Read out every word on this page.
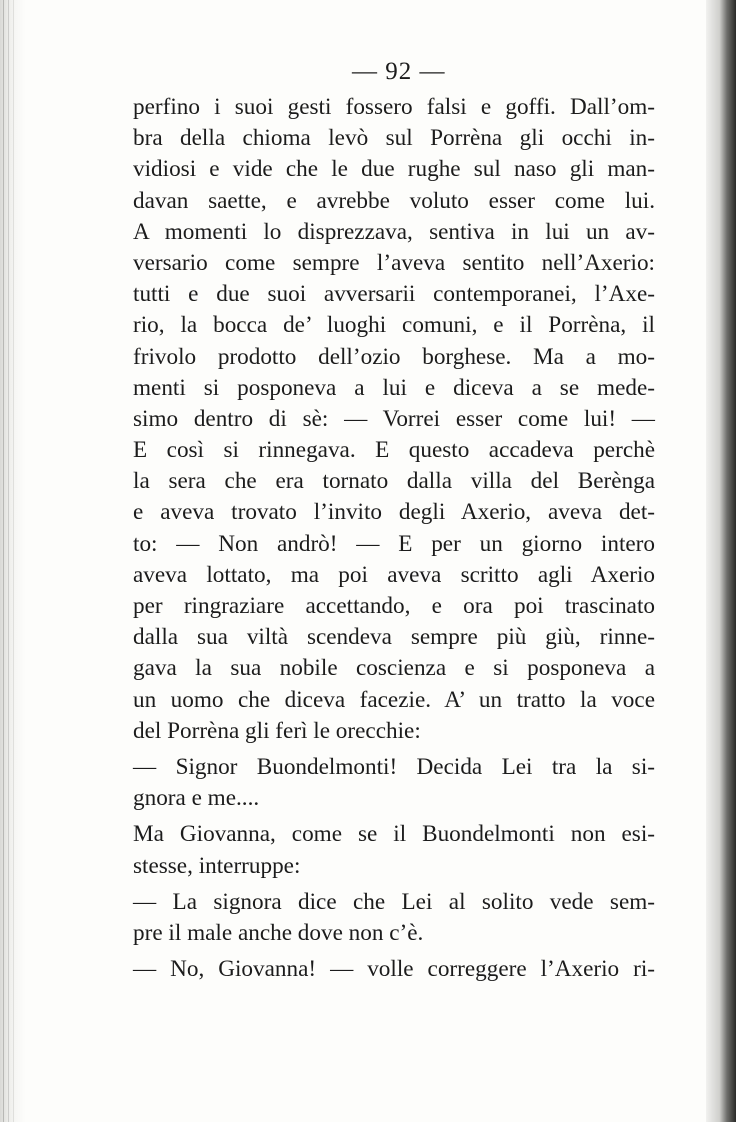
— 92 —
perfino i suoi gesti fossero falsi e goffi. Dall’om-
bra della chioma levò sul Porrèna gli occhi in-
vidiosi e vide che le due rughe sul naso gli man-
davan saette, e avrebbe voluto esser come lui.
A momenti lo disprezzava, sentiva in lui un av-
versario come sempre l’aveva sentito nell’Axerio:
tutti e due suoi avversarii contemporanei, l’Axe-
rio, la bocca de’ luoghi comuni, e il Porrèna, il
frivolo prodotto dell’ozio borghese. Ma a mo-
menti si posponeva a lui e diceva a se mede-
simo dentro di sè: — Vorrei esser come lui! —
E così si rinnegava. E questo accadeva perchè
la sera che era tornato dalla villa del Berènga
e aveva trovato l’invito degli Axerio, aveva det-
to: — Non andrò! — E per un giorno intero
aveva lottato, ma poi aveva scritto agli Axerio
per ringraziare accettando, e ora poi trascinato
dalla sua viltà scendeva sempre più giù, rinne-
gava la sua nobile coscienza e si posponeva a
un uomo che diceva facezie. A’ un tratto la voce
del Porrèna gli ferì le orecchie:
— Signor Buondelmonti! Decida Lei tra la si-
gnora e me....
Ma Giovanna, come se il Buondelmonti non esi-
stesse, interruppe:
— La signora dice che Lei al solito vede sem-
pre il male anche dove non c’è.
— No, Giovanna! — volle correggere l’Axerio ri-
